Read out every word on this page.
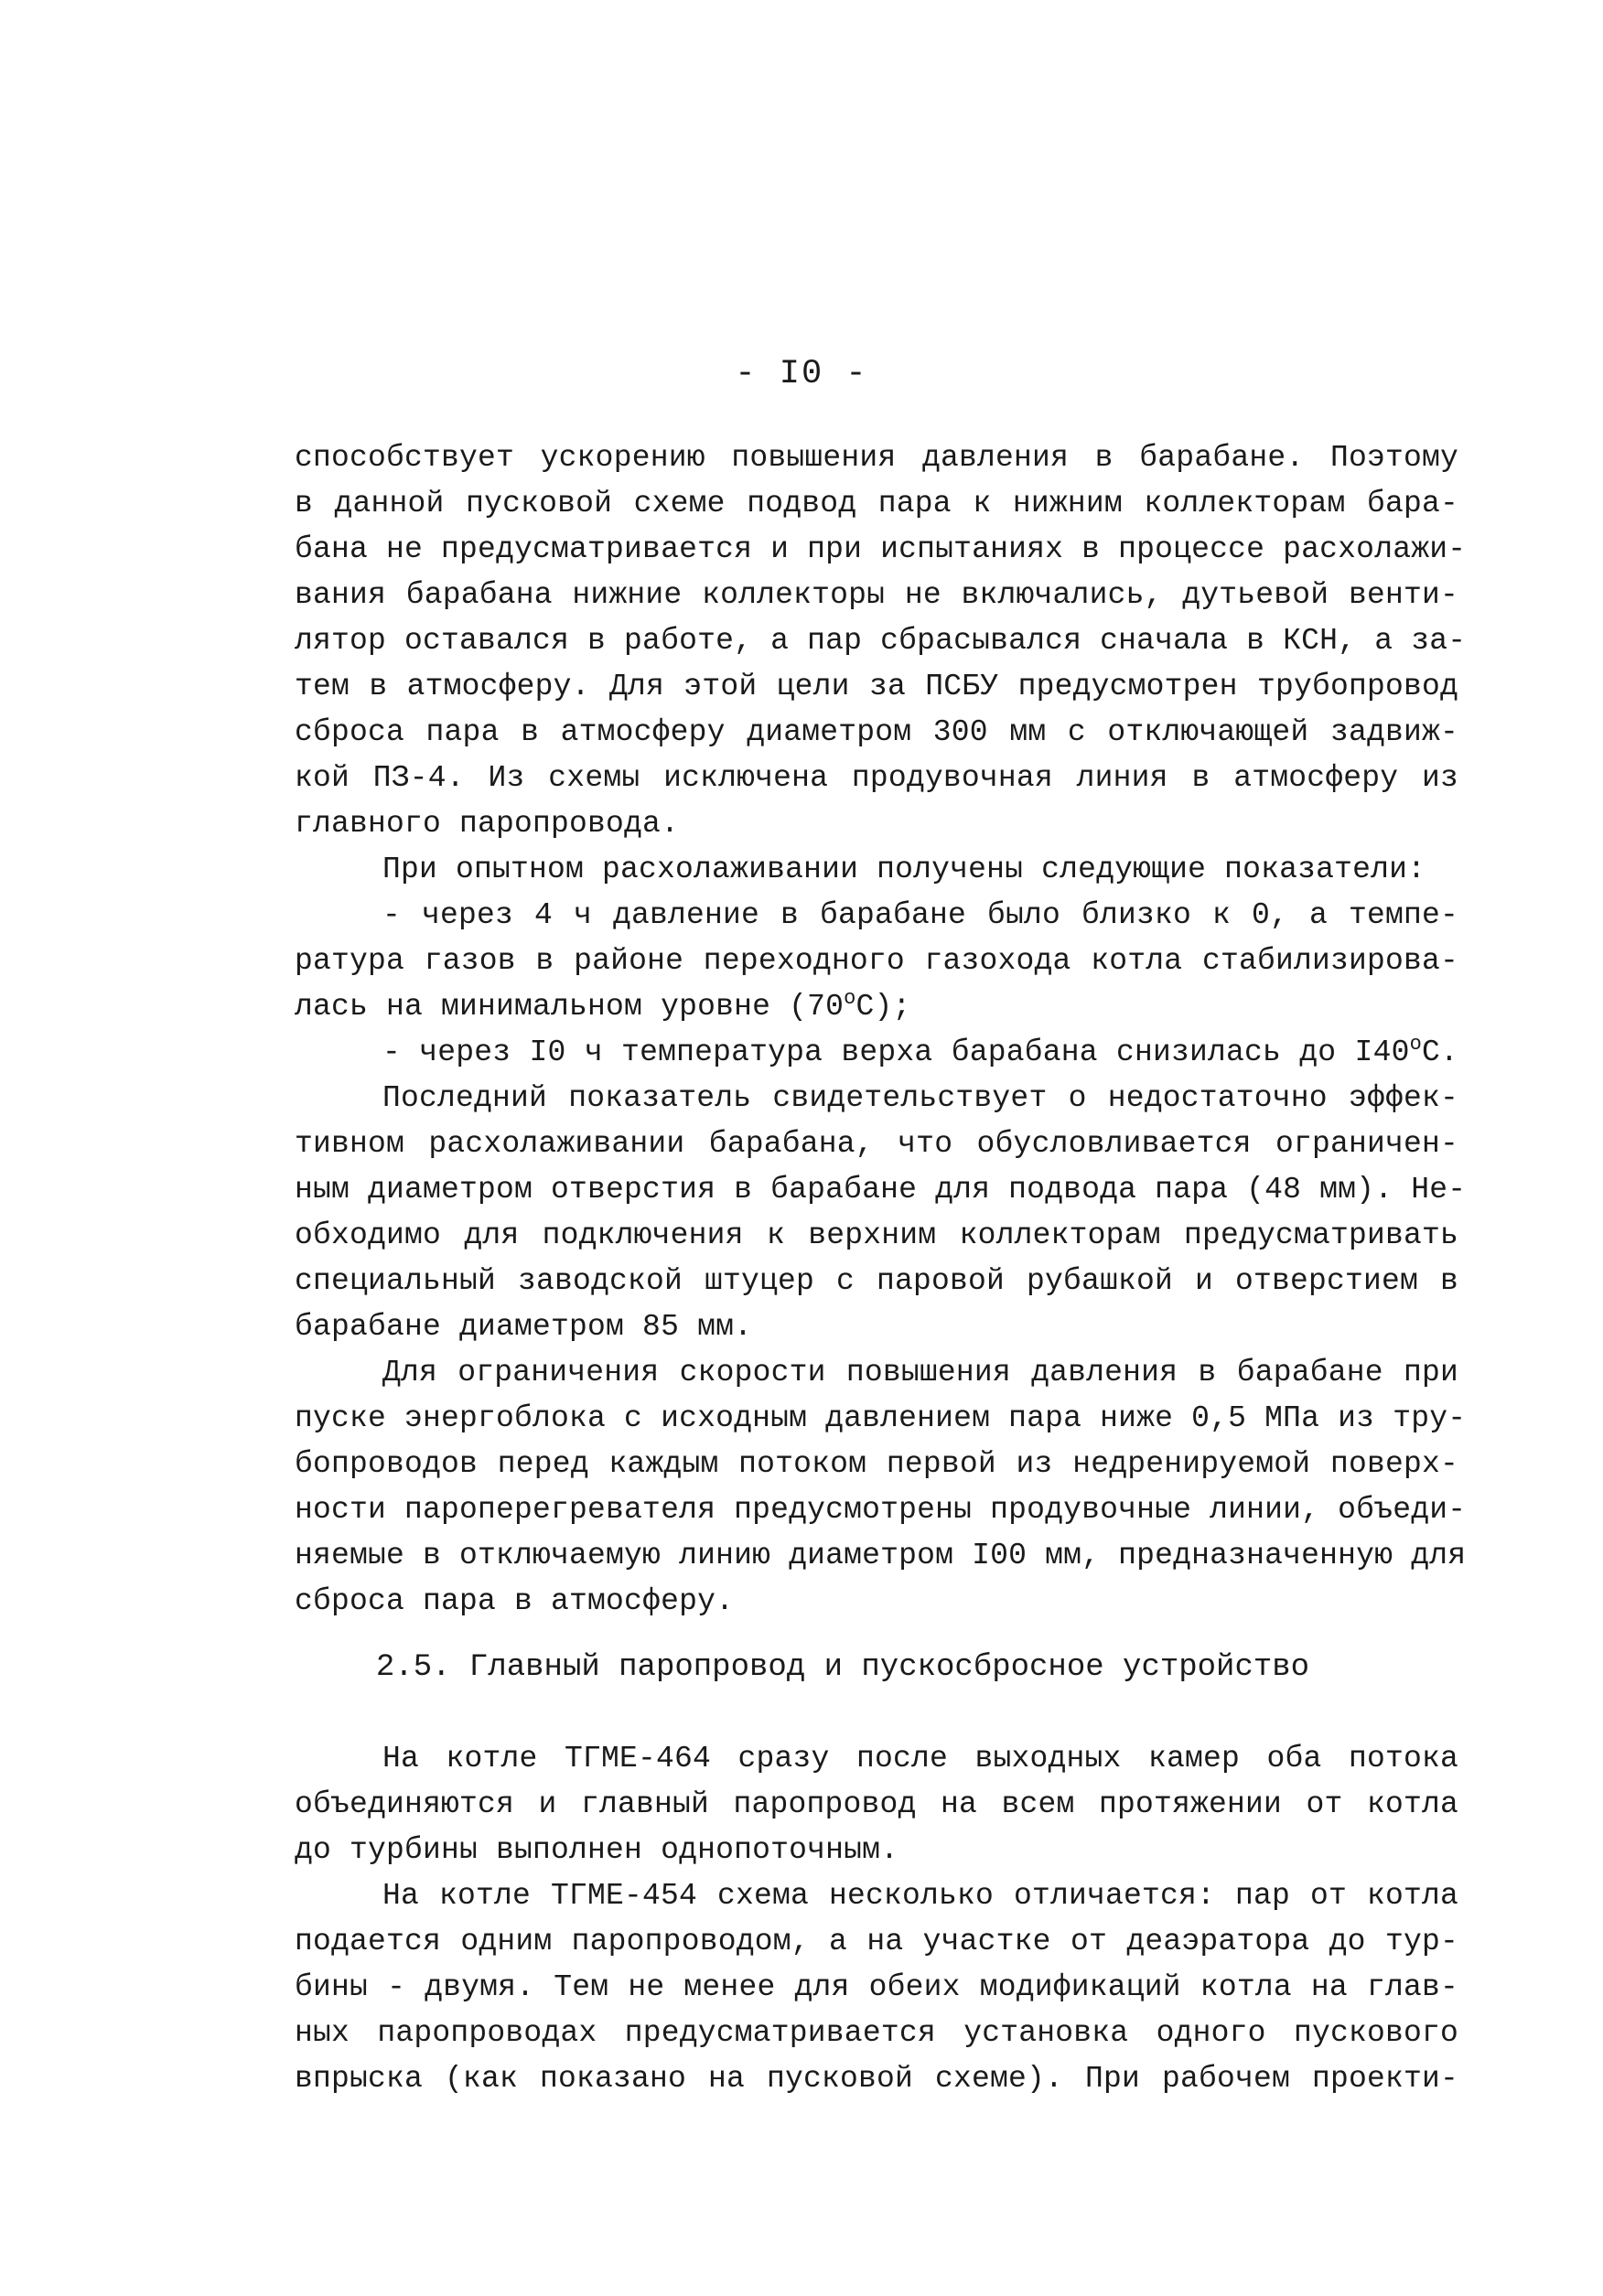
- I0 -
способствует ускорению повышения давления в барабане. Поэтому
в данной пусковой схеме подвод пара к нижним коллекторам бара-
бана не предусматривается и при испытаниях в процессе расхолажи-
вания барабана нижние коллекторы не включались, дутьевой венти-
лятор оставался в работе, а пар сбрасывался сначала в КСН, а за-
тем в атмосферу. Для этой цели за ПСБУ предусмотрен трубопровод
сброса пара в атмосферу диаметром 300 мм с отключающей задвиж-
кой ПЗ-4. Из схемы исключена продувочная линия в атмосферу из
главного паропровода.
При опытном расхолаживании получены следующие показатели:
- через 4 ч давление в барабане было близко к 0, а темпе-
ратура газов в районе переходного газохода котла стабилизирова-
лась на минимальном уровне $(70^оС)$;
- через I0 ч температура верха барабана снизилась до $I40^оС$.
Последний показатель свидетельствует о недостаточно эффек-
тивном расхолаживании барабана, что обусловливается ограничен-
ным диаметром отверстия в барабане для подвода пара (48 мм). Не-
обходимо для подключения к верхним коллекторам предусматривать
специальный заводской штуцер с паровой рубашкой и отверстием в
барабане диаметром 85 мм.
Для ограничения скорости повышения давления в барабане при
пуске энергоблока с исходным давлением пара ниже 0,5 МПа из тру-
бопроводов перед каждым потоком первой из недренируемой поверх-
ности пароперегревателя предусмотрены продувочные линии, объеди-
няемые в отключаемую линию диаметром I00 мм, предназначенную для
сброса пара в атмосферу.
2.5. Главный паропровод и пускосбросное устройство
На котле ТГМЕ-464 сразу после выходных камер оба потока
объединяются и главный паропровод на всем протяжении от котла
до турбины выполнен однопоточным.
На котле ТГМЕ-454 схема несколько отличается: пар от котла
подается одним паропроводом, а на участке от деаэратора до тур-
бины - двумя. Тем не менее для обеих модификаций котла на глав-
ных паропроводах предусматривается установка одного пускового
впрыска (как показано на пусковой схеме). При рабочем проекти-
